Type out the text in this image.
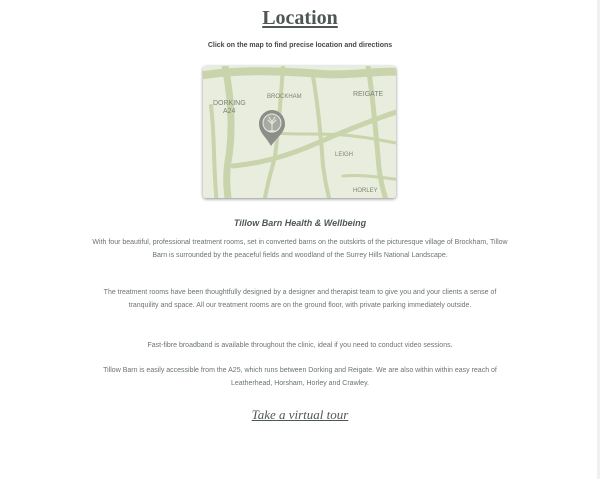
Location
Click on the map to find precise location and directions
DORKING
A24
BROCKHAM	REIGATE
LEIGH
HORLEY
Tillow Barn Health & Wellbeing
With four beautiful, professional treatment rooms, set in converted barns on the outskirts of the picturesque village of Brockham, Tillow Barn is surrounded by the peaceful fields and woodland of the Surrey Hills National Landscape.
The treatment rooms have been thoughtfully designed by a designer and therapist team to give you and your clients a sense of tranquility and space. All our treatment rooms are on the ground floor, with private parking immediately outside.
Fast-fibre broadband is available throughout the clinic, ideal if you need to conduct video sessions.
Tillow Barn is easily accessible from the A25, which runs between Dorking and Reigate. We are also within within easy reach of Leatherhead, Horsham, Horley and Crawley.
Take a virtual tour
